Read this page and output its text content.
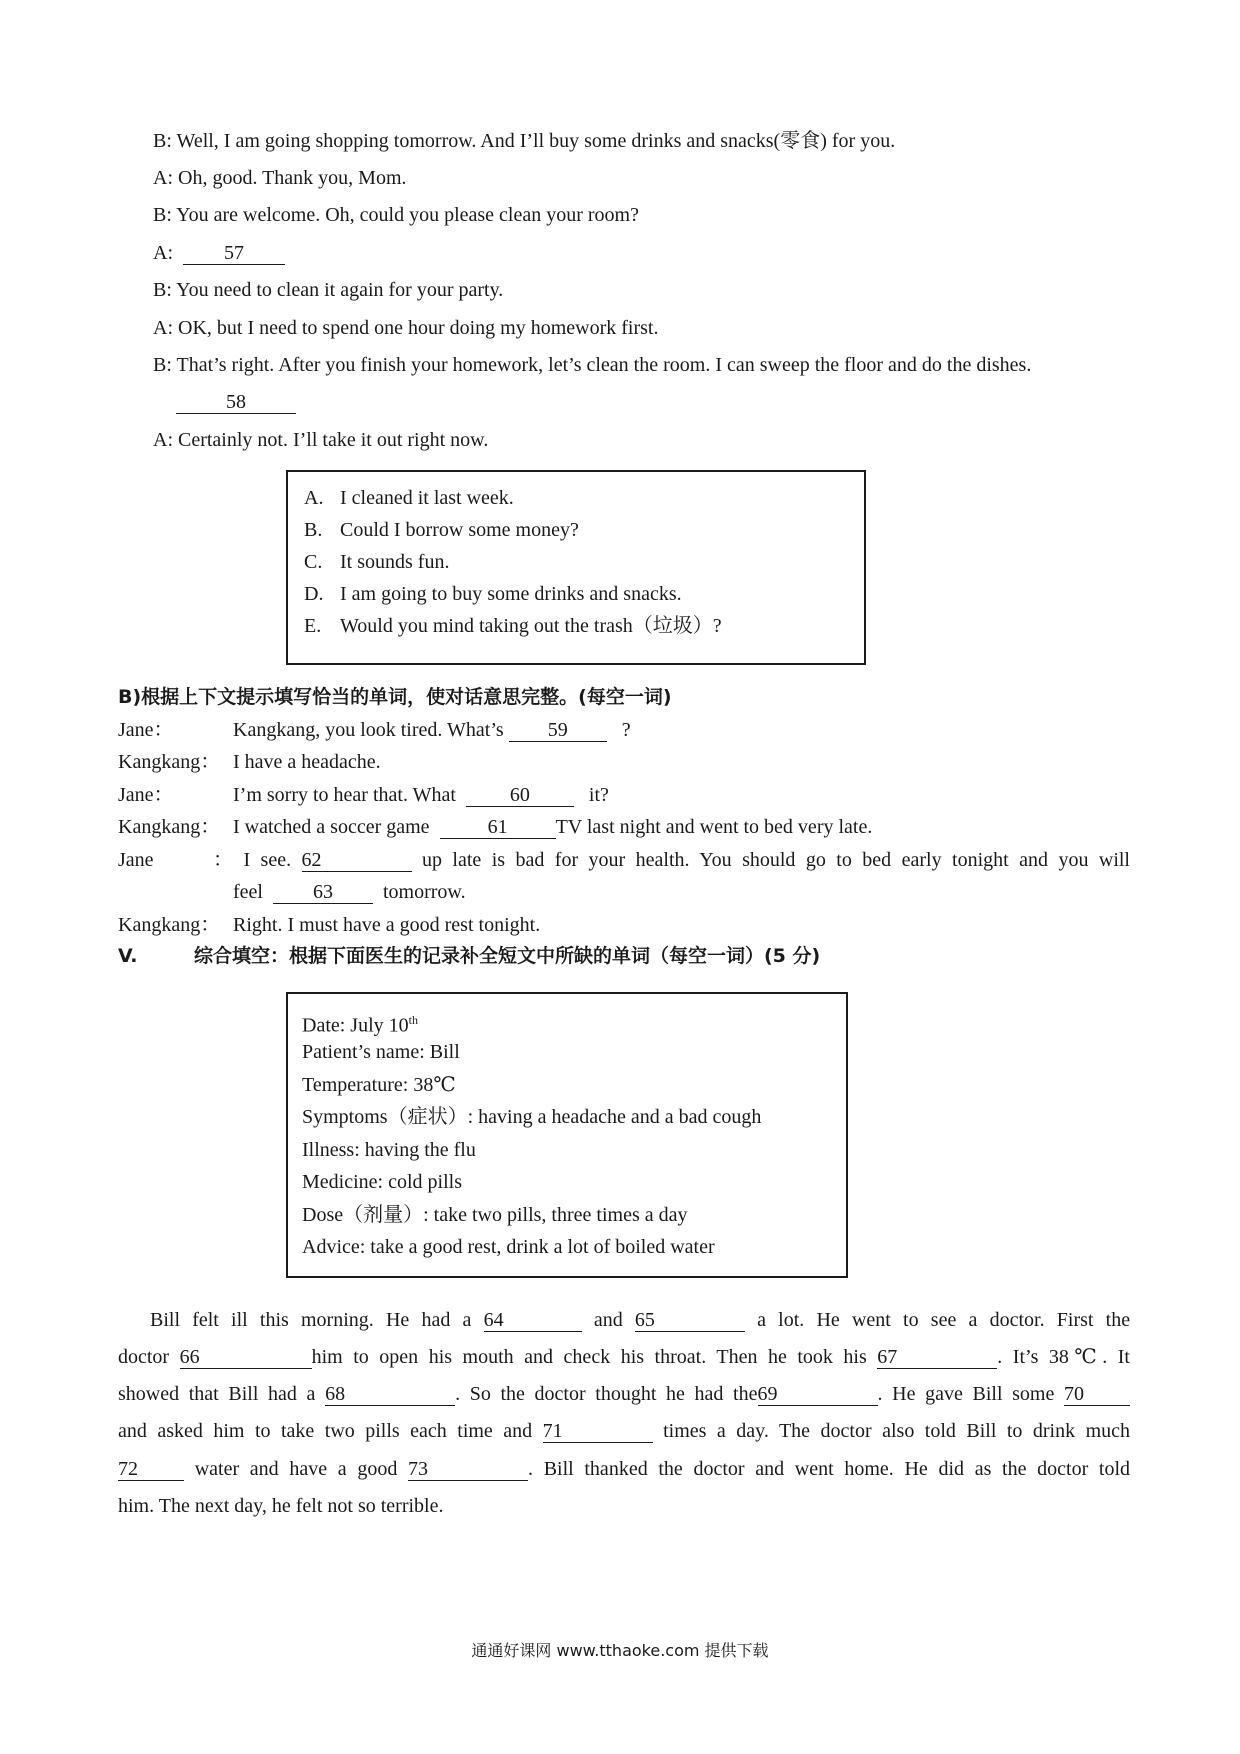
B: Well, I am going shopping tomorrow. And I’ll buy some drinks and snacks(零食) for you.
A: Oh, good. Thank you, Mom.
B: You are welcome. Oh, could you please clean your room?
A:	57
B: You need to clean it again for your party.
A: OK, but I need to spend one hour doing my homework first.
B: That’s right. After you finish your homework, let’s clean the room. I can sweep the floor and do the dishes.
58
A: Certainly not. I’ll take it out right now.
A. I cleaned it last week.
B. Could I borrow some money?
C. It sounds fun.
D. I am going to buy some drinks and snacks.
E. Would you mind taking out the trash（垃圾）?
B)根据上下文提示填写恰当的单词，使对话意思完整。(每空一词)
Jane：	Kangkang, you look tired. What’s 59	?
Kangkang： I have a headache.
Jane：	I’m sorry to hear that. What	60	it?
Kangkang： I watched a soccer game	61 TV last night and went to bed very late.
Jane： I see. 62	up late is bad for your health. You should go to bed early tonight and you will
feel	63	tomorrow.
Kangkang： Right. I must have a good rest tonight.
V.	综合填空：根据下面医生的记录补全短文中所缺的单词（每空一词）(5 分)
Date: July 10th
Patient’s name: Bill
Temperature: 38℃
Symptoms（症状）: having a headache and a bad cough
Illness: having the flu
Medicine: cold pills
Dose（剂量）: take two pills, three times a day
Advice: take a good rest, drink a lot of boiled water
Bill felt ill this morning. He had a 64	and 65	a lot. He went to see a doctor. First the
doctor 66	him to open his mouth and check his throat. Then he took his 67	. It’s 38℃. It
showed that Bill had a 68	. So the doctor thought he had the69	. He gave Bill some 70
and asked him to take two pills each time and 71	times a day. The doctor also told Bill to drink much
72	water and have a good 73	. Bill thanked the doctor and went home. He did as the doctor told
him. The next day, he felt not so terrible.
通通好课网 www.tthaoke.com 提供下载
